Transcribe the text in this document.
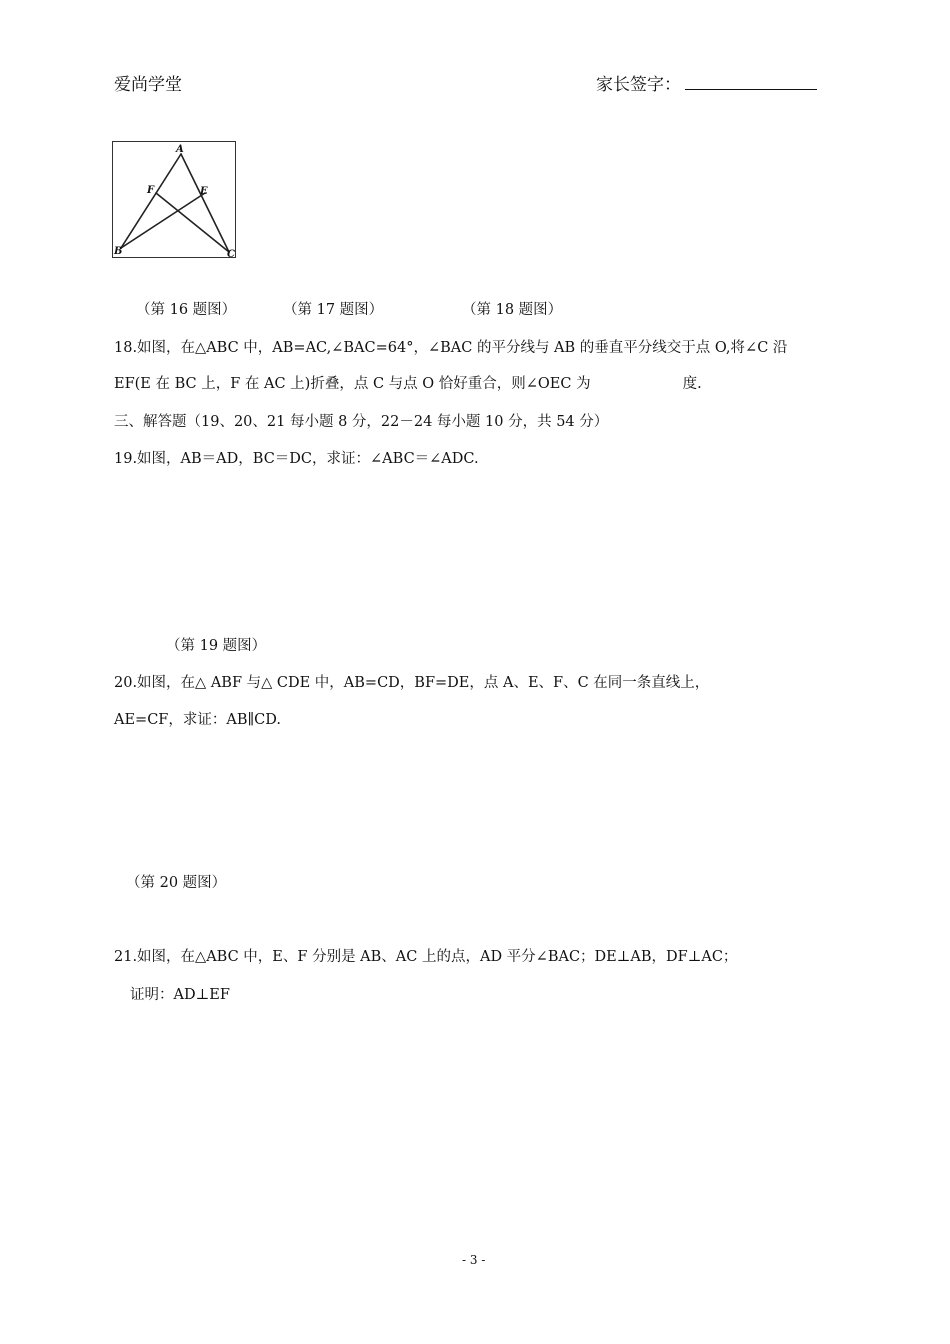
爱尚学堂	家长签字：
A
F	E
B	C
（第 16 题图）	（第 17 题图）	（第 18 题图）
18.如图，在△ABC 中，AB=AC,∠BAC=64°，∠BAC 的平分线与 AB 的垂直平分线交于点 O,将∠C 沿
EF(E 在 BC 上，F 在 AC 上)折叠，点 C 与点 O 恰好重合，则∠OEC 为	度.
三、解答题（19、20、21 每小题 8 分，22－24 每小题 10 分，共 54 分）
19.如图，AB＝AD，BC＝DC，求证：∠ABC＝∠ADC.
（第 19 题图）
20.如图，在△ ABF 与△ CDE 中，AB=CD，BF=DE，点 A、E、F、C 在同一条直线上，
AE=CF，求证：AB∥CD.
（第 20 题图）
21.如图，在△ABC 中，E、F 分别是 AB、AC 上的点，AD 平分∠BAC；DE⊥AB，DF⊥AC；
证明：AD⊥EF
- 3 -
